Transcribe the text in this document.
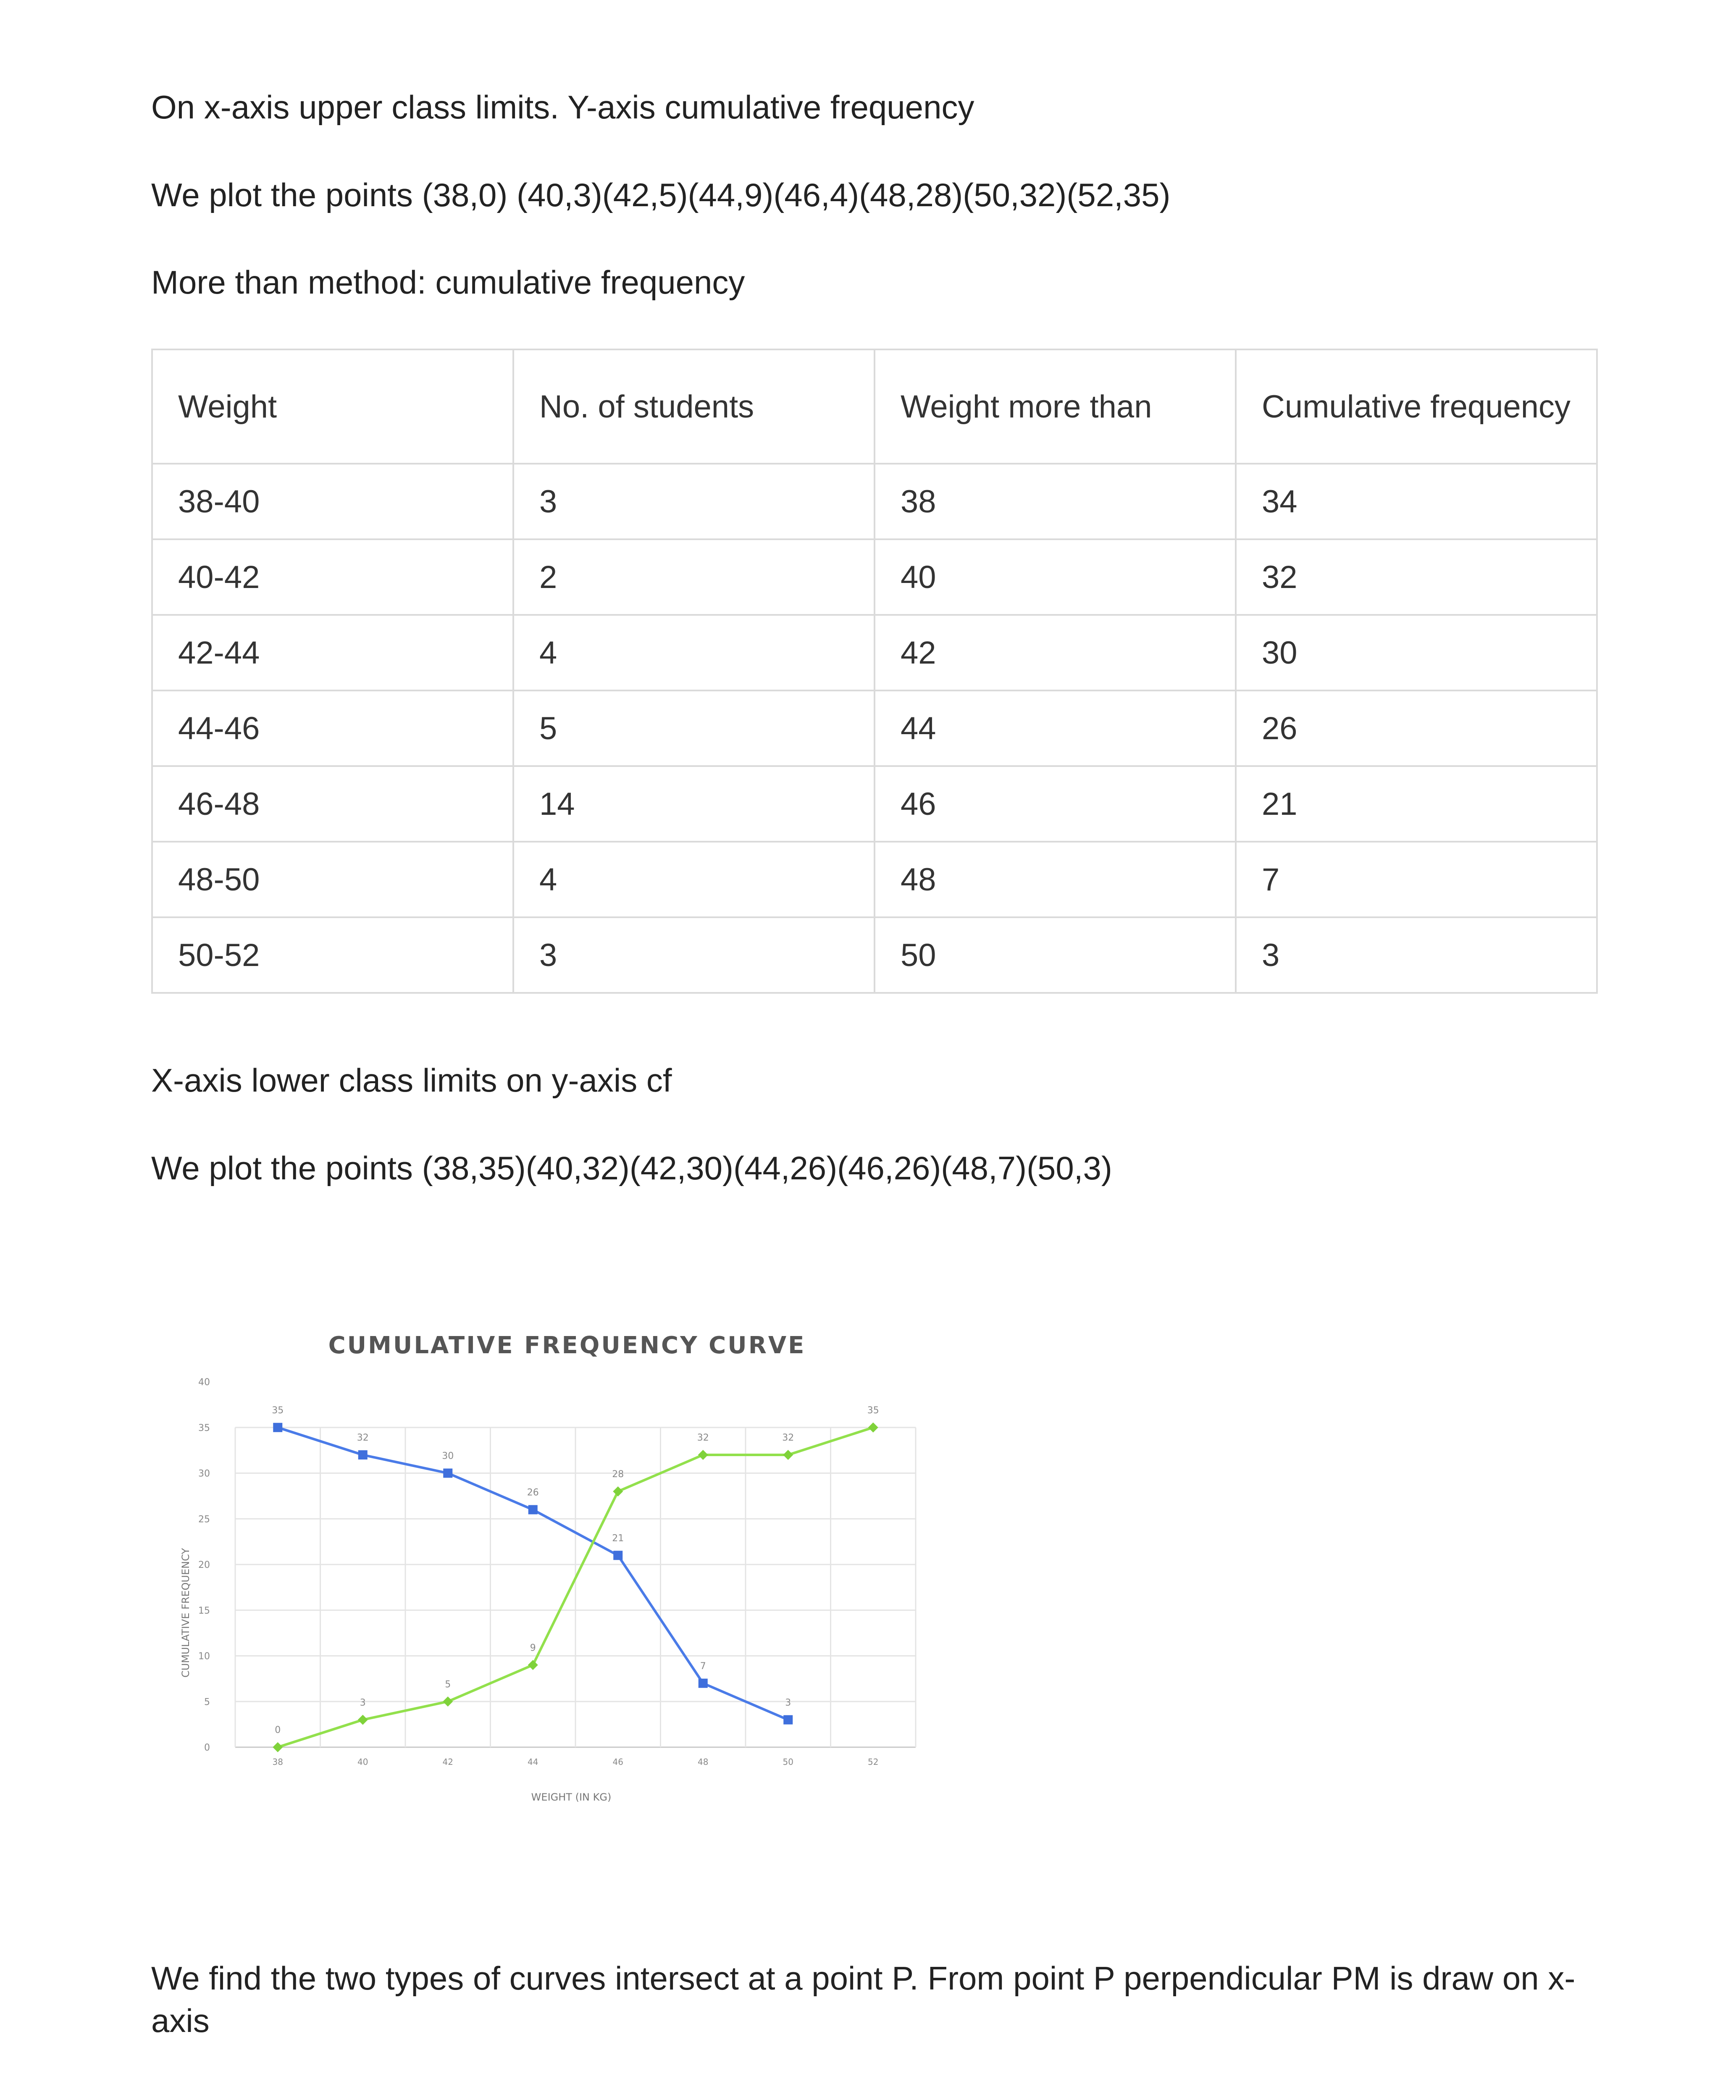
On x-axis upper class limits. Y-axis cumulative frequency

We plot the points (38,0) (40,3)(42,5)(44,9)(46,4)(48,28)(50,32)(52,35)

More than method: cumulative frequency

Weight	No. of students	Weight more than	Cumulative frequency
38-40	3	38	34
40-42	2	40	32
42-44	4	42	30
44-46	5	44	26
46-48	14	46	21
48-50	4	48	7
50-52	3	50	3

X-axis lower class limits on y-axis cf

We plot the points (38,35)(40,32)(42,30)(44,26)(46,26)(48,7)(50,3)

CUMULATIVE FREQUENCY CURVE
35
32
30
26
21
7
3
0
3
5
9
28
32	32
35
0
5
10
15
20
25
30
35
40
38	40	42	44	46	48	50	52
WEIGHT (IN KG)
CUMULATIVE FREQUENCY

We find the two types of curves intersect at a point P. From point P perpendicular PM is draw on x-axis
